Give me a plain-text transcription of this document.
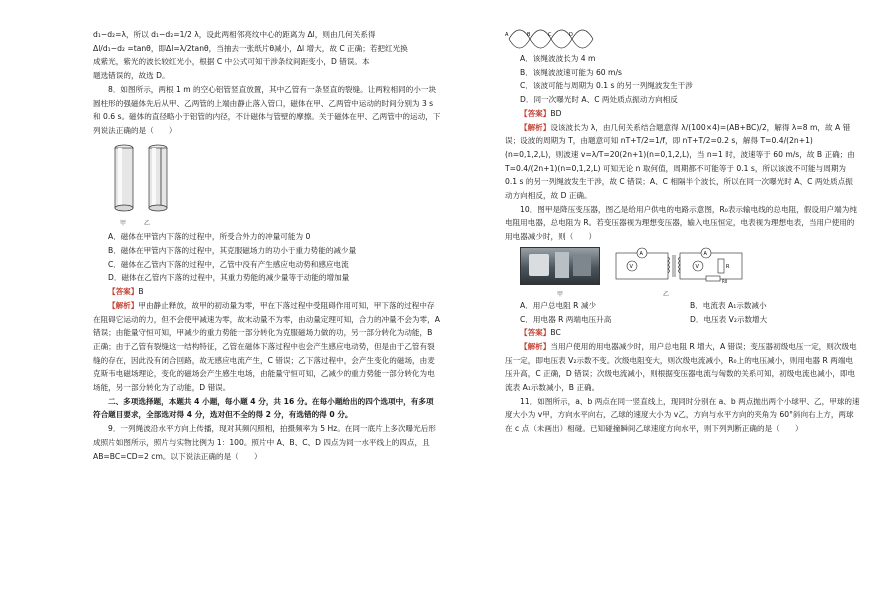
d₁−d₂=λ，所以 d₁−d₂=1/2 λ，设此两相邻亮纹中心的距离为 Δl，则由几何关系得

Δl/d₁−d₂ =tanθ，即Δl=λ/2tanθ，当抽去一张纸片θ减小，Δl 增大，故 C 正确；若把红光换

成紫光，紫光的波长较红光小，根据 C 中公式可知干涉条纹间距变小，D 错误。本

题选错误的，故选 D。

8．如图所示，两根 1 m 的空心铝管竖直放置，其中乙管有一条竖直的裂缝。让两粒相同的小一块圆柱形的强磁体先后从甲、乙两管的上端由静止落入管口，磁体在甲、乙两管中运动的时间分别为 3 s 和 0.6 s。磁体的直径略小于铝管的内径，不计磁体与管壁的摩擦。关于磁体在甲、乙两管中的运动，下列说法正确的是（　　）

甲	乙

A．磁体在甲管内下落的过程中，所受合外力的冲量可能为 0

B．磁体在甲管内下落的过程中，其克服磁场力的功小于重力势能的减少量

C．磁体在乙管内下落的过程中，乙管中没有产生感应电动势和感应电流

D．磁体在乙管内下落的过程中，其重力势能的减少量等于动能的增加量

【答案】B

【解析】甲由静止释放，故甲的初动量为零，甲在下落过程中受阻碍作用可知，甲下落的过程中存在阻碍它运动的力，但不会使甲减速为零，故末动量不为零，由动量定理可知，合力的冲量不会为零，A 错误；由能量守恒可知，甲减少的重力势能一部分转化为克服磁场力做的功，另一部分转化为动能，B 正确；由于乙管有裂缝这一结构特征，乙管在磁体下落过程中也会产生感应电动势，但是由于乙管有裂缝的存在，因此没有闭合回路，故无感应电流产生，C 错误；乙下落过程中，会产生变化的磁场，由麦克斯韦电磁场理论，变化的磁场会产生感生电场，由能量守恒可知，乙减少的重力势能一部分转化为电场能，另一部分转化为了动能，D 错误。

二、多项选择题，本题共 4 小题，每小题 4 分，共 16 分。在每小题给出的四个选项中，有多项符合题目要求，全部选对得 4 分，选对但不全的得 2 分，有选错的得 0 分。

9．一列绳波沿水平方向上传播，现对其频闪照相，拍摄频率为 5 Hz。在同一底片上多次曝光后形成照片如图所示，照片与实物比例为 1：100。照片中 A、B、C、D 四点为同一水平线上的四点，且 AB=BC=CD=2 cm。以下说法正确的是（　　）

A	B	C	D

A．该绳波波长为 4 m

B．该绳波波速可能为 60 m/s

C．该波可能与周期为 0.1 s 的另一列绳波发生干涉

D．同一次曝光时 A、C 两处质点振动方向相反

【答案】BD

【解析】设该波长为 λ，由几何关系结合题意得 λ/(100×4)=(AB+BC)/2，解得 λ=8 m，故 A 错误；设波的周期为 T，由题意可知 nT+T/2=1/f，即 nT+T/2=0.2 s，解得 T=0.4/(2n+1)(n=0,1,2,L)，则波速 v=λ/T=20(2n+1)(n=0,1,2,L)，当 n=1 时，波速等于 60 m/s，故 B 正确；由 T=0.4/(2n+1)(n=0,1,2,L) 可知无论 n 取何值，周期都不可能等于 0.1 s，所以该波不可能与周期为 0.1 s 的另一列绳波发生干涉，故 C 错误；A、C 相隔半个波长，所以在同一次曝光时 A、C 两处质点振动方向相反，故 D 正确。

10．图甲是降压变压器，图乙是给用户供电的电路示意图，R₀表示输电线的总电阻，假设用户端为纯电阻用电器，总电阻为 R。若变压器视为理想变压器，输入电压恒定，电表视为理想电表，当用户使用的用电器减少时，则（　　）

A
V
A
V	R
R0
甲	乙
A．用户总电阻 R 减少	B．电流表 A₁示数减小
C．用电器 R 两端电压升高	D．电压表 V₂示数增大

【答案】BC

【解析】当用户使用的用电器减少时，用户总电阻 R 增大，A 错误；变压器初级电压一定，则次级电压一定，即电压表 V₂示数不变。次级电阻变大，则次级电流减小，R₀上的电压减小，则用电器 R 两端电压升高，C 正确，D 错误；次级电流减小，则根据变压器电流与匈数的关系可知，初级电流也减小，即电流表 A₁示数减小，B 正确。

11．如图所示，a、b 两点在同一竖直线上，现同时分别在 a、b 两点抛出两个小球甲、乙，甲球的速度大小为 v甲，方向水平向右，乙球的速度大小为 v乙，方向与水平方向的夹角为 60°斜向右上方，两球在 c 点（未画出）相碰。已知碰撞瞬间乙球速度方向水平，则下列判断正确的是（　　）
